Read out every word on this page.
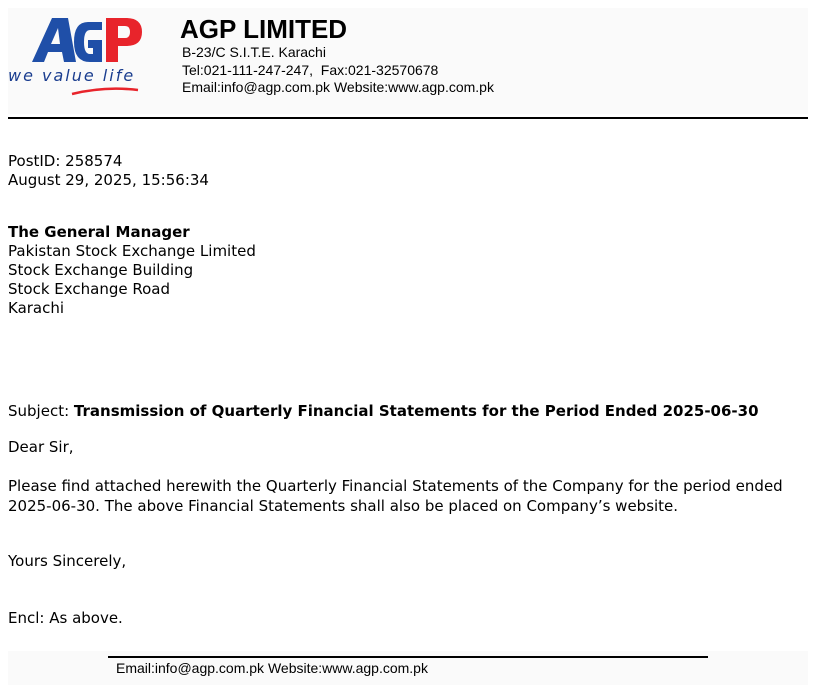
we value life
AGP LIMITED
B-23/C S.I.T.E. Karachi
Tel:021-111-247-247,  Fax:021-32570678
Email:info@agp.com.pk Website:www.agp.com.pk
PostID: 258574
August 29, 2025, 15:56:34
The General Manager
Pakistan Stock Exchange Limited
Stock Exchange Building
Stock Exchange Road
Karachi
Subject: Transmission of Quarterly Financial Statements for the Period Ended 2025-06-30
Dear Sir,
Please find attached herewith the Quarterly Financial Statements of the Company for the period ended 2025-06-30. The above Financial Statements shall also be placed on Company’s website.
Yours Sincerely,
Encl: As above.
Email:info@agp.com.pk Website:www.agp.com.pk
